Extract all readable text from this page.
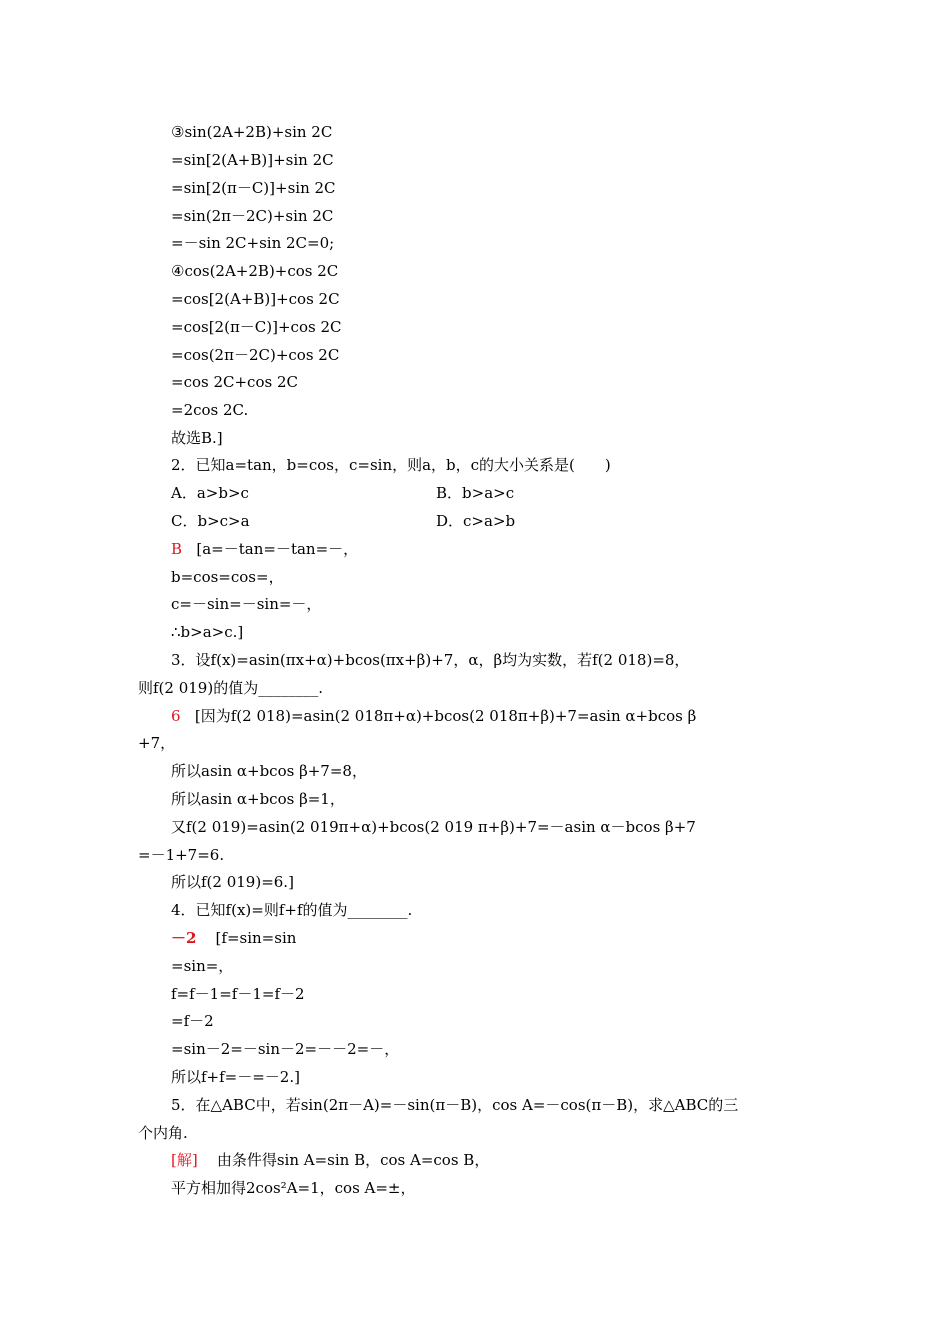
③sin(2A+2B)+sin 2C
=sin[2(A+B)]+sin 2C
=sin[2(π－C)]+sin 2C
=sin(2π－2C)+sin 2C
=－sin 2C+sin 2C=0;
④cos(2A+2B)+cos 2C
=cos[2(A+B)]+cos 2C
=cos[2(π－C)]+cos 2C
=cos(2π－2C)+cos 2C
=cos 2C+cos 2C
=2cos 2C.
故选B.]
2．已知a=tan，b=cos，c=sin，则a，b，c的大小关系是(　　)
A．a>b>c	B．b>a>c
C．b>c>a	D．c>a>b
B [a=－tan=－tan=－，
b=cos=cos=，
c=－sin=－sin=－，
∴b>a>c.]
3．设f(x)=asin(πx+α)+bcos(πx+β)+7，α，β均为实数，若f(2 018)=8，
则f(2 019)的值为________.
6 [因为f(2 018)=asin(2 018π+α)+bcos(2 018π+β)+7=asin α+bcos β
+7，
所以asin α+bcos β+7=8，
所以asin α+bcos β=1，
又f(2 019)=asin(2 019π+α)+bcos(2 019 π+β)+7=－asin α－bcos β+7
=－1+7=6.
所以f(2 019)=6.]
4．已知f(x)=则f+f的值为________.
－2 [f=sin=sin
=sin=，
f=f－1=f－1=f－2
=f－2
=sin－2=－sin－2=－－2=－，
所以f+f=－=－2.]
5．在△ABC中，若sin(2π－A)=－sin(π－B)，cos A=－cos(π－B)，求△ABC的三
个内角.
[解] 由条件得sin A=sin B，cos A=cos B，
平方相加得2cos²A=1，cos A=±，
